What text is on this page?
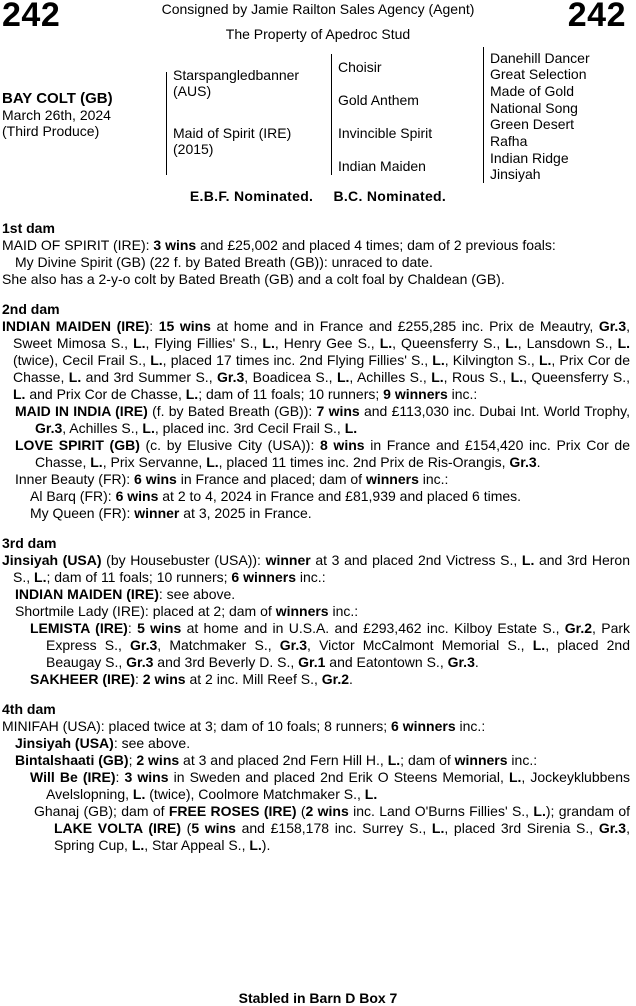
242	242
Consigned by Jamie Railton Sales Agency (Agent)
The Property of Apedroc Stud
BAY COLT (GB)
March 26th, 2024
(Third Produce)
Starspangledbanner (AUS)
Maid of Spirit (IRE) (2015)
Choisir
Gold Anthem
Invincible Spirit
Indian Maiden
Danehill Dancer
Great Selection
Made of Gold
National Song
Green Desert
Rafha
Indian Ridge
Jinsiyah
E.B.F. Nominated. B.C. Nominated.
1st dam

MAID OF SPIRIT (IRE): 3 wins and £25,002 and placed 4 times; dam of 2 previous foals:

My Divine Spirit (GB) (22 f. by Bated Breath (GB)): unraced to date.

She also has a 2-y-o colt by Bated Breath (GB) and a colt foal by Chaldean (GB).

2nd dam

INDIAN MAIDEN (IRE): 15 wins at home and in France and £255,285 inc. Prix de Meautry, Gr.3, Sweet Mimosa S., L., Flying Fillies' S., L., Henry Gee S., L., Queensferry S., L., Lansdown S., L. (twice), Cecil Frail S., L., placed 17 times inc. 2nd Flying Fillies' S., L., Kilvington S., L., Prix Cor de Chasse, L. and 3rd Summer S., Gr.3, Boadicea S., L., Achilles S., L., Rous S., L., Queensferry S., L. and Prix Cor de Chasse, L.; dam of 11 foals; 10 runners; 9 winners inc.:

MAID IN INDIA (IRE) (f. by Bated Breath (GB)): 7 wins and £113,030 inc. Dubai Int. World Trophy, Gr.3, Achilles S., L., placed inc. 3rd Cecil Frail S., L.

LOVE SPIRIT (GB) (c. by Elusive City (USA)): 8 wins in France and £154,420 inc. Prix Cor de Chasse, L., Prix Servanne, L., placed 11 times inc. 2nd Prix de Ris-Orangis, Gr.3.

Inner Beauty (FR): 6 wins in France and placed; dam of winners inc.:

Al Barq (FR): 6 wins at 2 to 4, 2024 in France and £81,939 and placed 6 times.

My Queen (FR): winner at 3, 2025 in France.

3rd dam

Jinsiyah (USA) (by Housebuster (USA)): winner at 3 and placed 2nd Victress S., L. and 3rd Heron S., L.; dam of 11 foals; 10 runners; 6 winners inc.:

INDIAN MAIDEN (IRE): see above.

Shortmile Lady (IRE): placed at 2; dam of winners inc.:

LEMISTA (IRE): 5 wins at home and in U.S.A. and £293,462 inc. Kilboy Estate S., Gr.2, Park Express S., Gr.3, Matchmaker S., Gr.3, Victor McCalmont Memorial S., L., placed 2nd Beaugay S., Gr.3 and 3rd Beverly D. S., Gr.1 and Eatontown S., Gr.3.

SAKHEER (IRE): 2 wins at 2 inc. Mill Reef S., Gr.2.

4th dam

MINIFAH (USA): placed twice at 3; dam of 10 foals; 8 runners; 6 winners inc.:

Jinsiyah (USA): see above.

Bintalshaati (GB); 2 wins at 3 and placed 2nd Fern Hill H., L.; dam of winners inc.:

Will Be (IRE): 3 wins in Sweden and placed 2nd Erik O Steens Memorial, L., Jockeyklubbens Avelslopning, L. (twice), Coolmore Matchmaker S., L.

Ghanaj (GB); dam of FREE ROSES (IRE) (2 wins inc. Land O'Burns Fillies' S., L.); grandam of LAKE VOLTA (IRE) (5 wins and £158,178 inc. Surrey S., L., placed 3rd Sirenia S., Gr.3, Spring Cup, L., Star Appeal S., L.).

Stabled in Barn D Box 7
